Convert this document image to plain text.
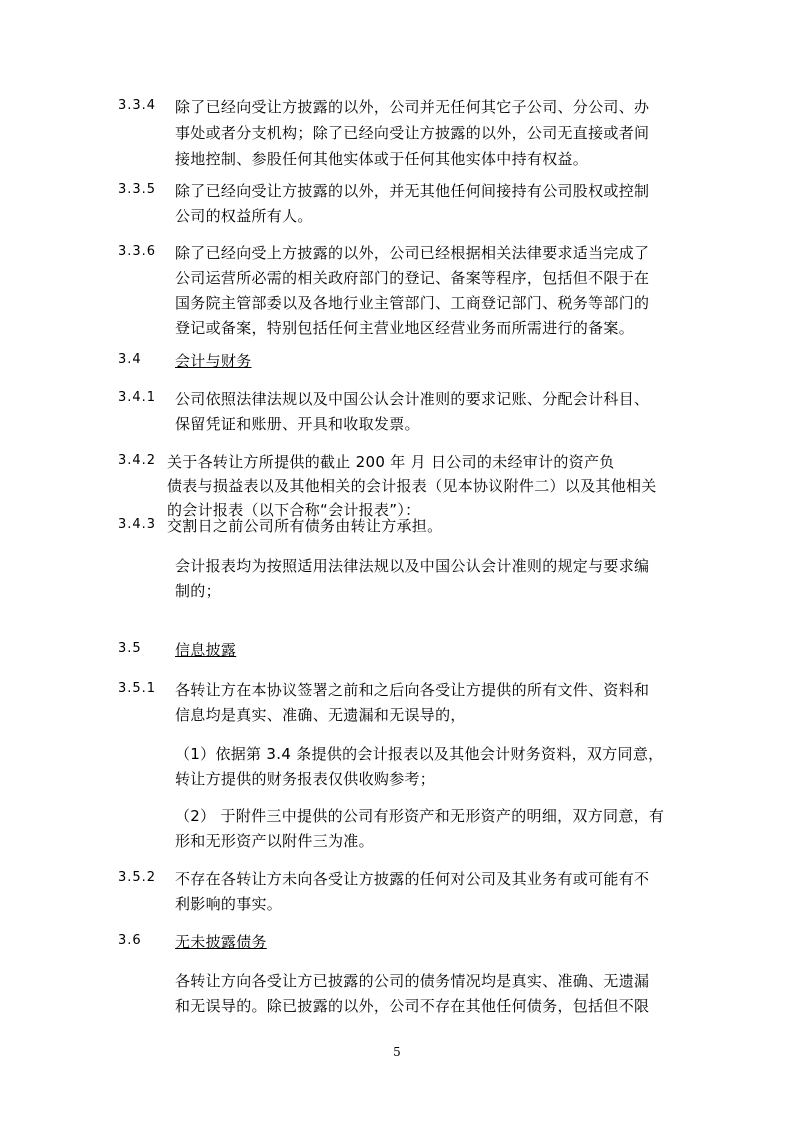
3.3.4 除了已经向受让方披露的以外，公司并无任何其它子公司、分公司、办
事处或者分支机构；除了已经向受让方披露的以外，公司无直接或者间
接地控制、参股任何其他实体或于任何其他实体中持有权益。
3.3.5 除了已经向受让方披露的以外，并无其他任何间接持有公司股权或控制
公司的权益所有人。
3.3.6 除了已经向受上方披露的以外，公司已经根据相关法律要求适当完成了
公司运营所必需的相关政府部门的登记、备案等程序，包括但不限于在
国务院主管部委以及各地行业主管部门、工商登记部门、税务等部门的
登记或备案，特别包括任何主营业地区经营业务而所需进行的备案。
3.4 会计与财务
3.4.1 公司依照法律法规以及中国公认会计准则的要求记账、分配会计科目、
保留凭证和账册、开具和收取发票。
3.4.2 关于各转让方所提供的截止 200 年 月 日公司的未经审计的资产负
债表与损益表以及其他相关的会计报表（见本协议附件二）以及其他相关
的会计报表（以下合称“会计报表”）：
3.4.3 交割日之前公司所有债务由转让方承担。
会计报表均为按照适用法律法规以及中国公认会计准则的规定与要求编
制的；
3.5 信息披露
3.5.1 各转让方在本协议签署之前和之后向各受让方提供的所有文件、资料和
信息均是真实、准确、无遗漏和无误导的，
（1）依据第 3.4 条提供的会计报表以及其他会计财务资料，双方同意，
转让方提供的财务报表仅供收购参考；
（2） 于附件三中提供的公司有形资产和无形资产的明细，双方同意，有
形和无形资产以附件三为准。
3.5.2 不存在各转让方未向各受让方披露的任何对公司及其业务有或可能有不
利影响的事实。
3.6 无未披露债务
各转让方向各受让方已披露的公司的债务情况均是真实、准确、无遗漏
和无误导的。除已披露的以外，公司不存在其他任何债务，包括但不限
5
